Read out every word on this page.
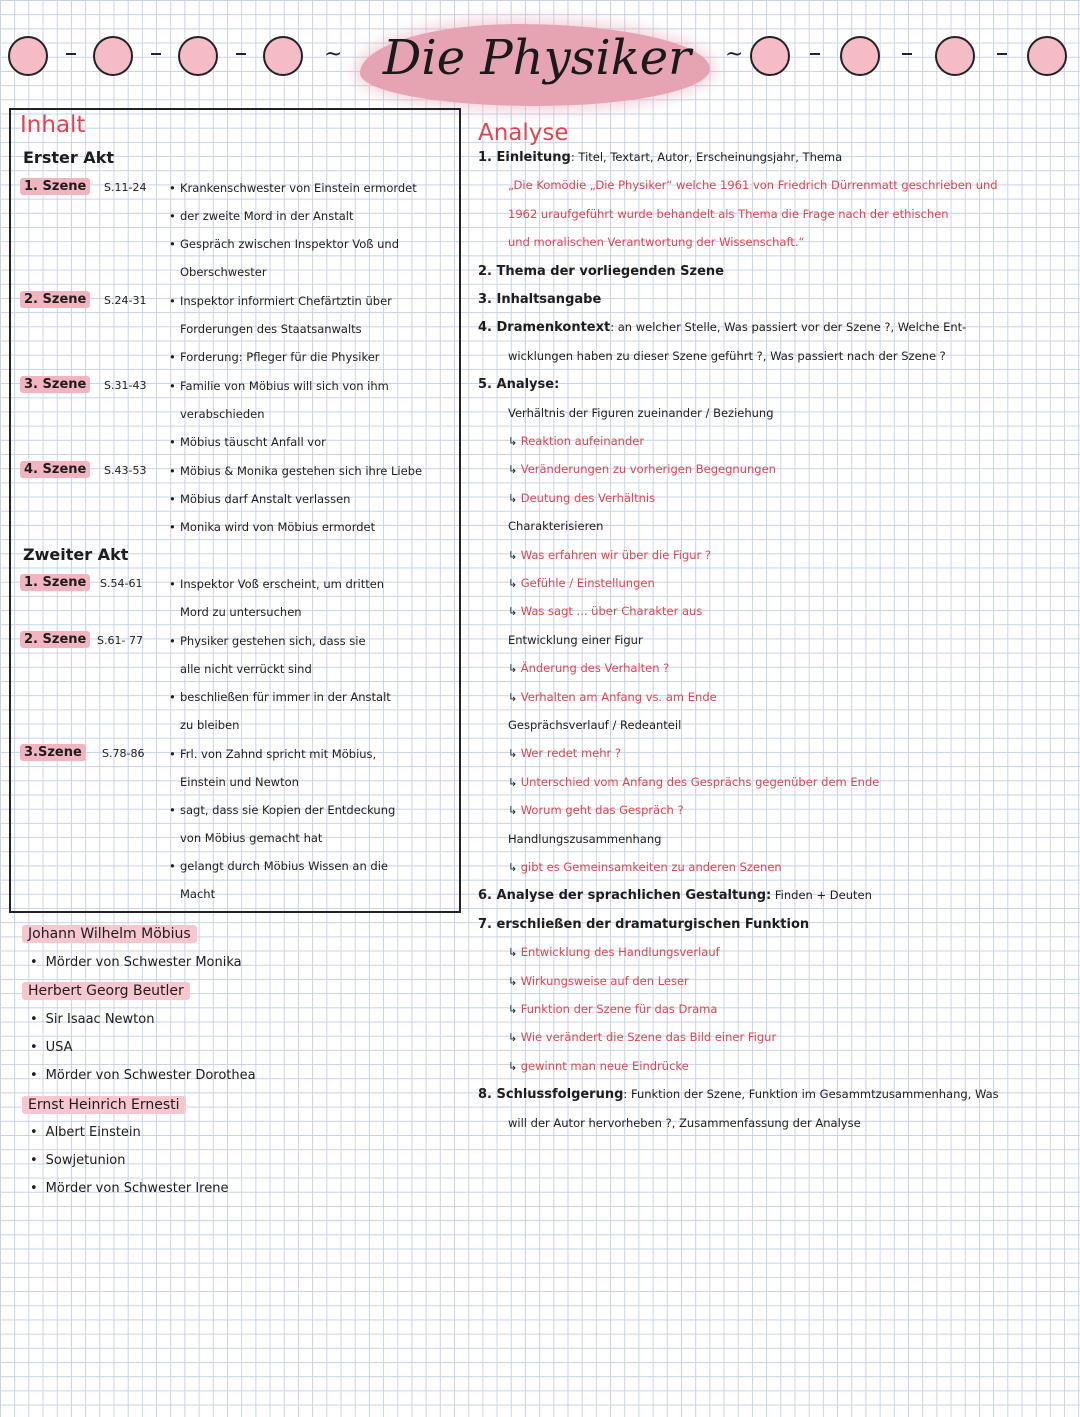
~ Die Physiker	~
Inhalt
Erster Akt
1. Szene	S.11-24	• Krankenschwester von Einstein ermordet
• der zweite Mord in der Anstalt
• Gespräch zwischen Inspektor Voß und
Oberschwester
2. Szene	S.24-31	• Inspektor informiert Chefärtztin über
Forderungen des Staatsanwalts
• Forderung: Pfleger für die Physiker
3. Szene	S.31-43	• Familie von Möbius will sich von ihm
verabschieden
• Möbius täuscht Anfall vor
4. Szene	S.43-53	• Möbius & Monika gestehen sich ihre Liebe
• Möbius darf Anstalt verlassen
• Monika wird von Möbius ermordet
Zweiter Akt
1. Szene	S.54-61	• Inspektor Voß erscheint, um dritten
Mord zu untersuchen
2. Szene S.61- 77	• Physiker gestehen sich, dass sie
alle nicht verrückt sind
• beschließen für immer in der Anstalt
zu bleiben
3.Szene	S.78-86	• Frl. von Zahnd spricht mit Möbius,
Einstein und Newton
• sagt, dass sie Kopien der Entdeckung
von Möbius gemacht hat
• gelangt durch Möbius Wissen an die
Macht
Johann Wilhelm Möbius
• Mörder von Schwester Monika
Herbert Georg Beutler
• Sir Isaac Newton
• USA
• Mörder von Schwester Dorothea
Ernst Heinrich Ernesti
• Albert Einstein
• Sowjetunion
• Mörder von Schwester Irene
Analyse
1. Einleitung: Titel, Textart, Autor, Erscheinungsjahr, Thema
„Die Komödie „Die Physiker“ welche 1961 von Friedrich Dürrenmatt geschrieben und
1962 uraufgeführt wurde behandelt als Thema die Frage nach der ethischen
und moralischen Verantwortung der Wissenschaft.“
2. Thema der vorliegenden Szene
3. Inhaltsangabe
4. Dramenkontext: an welcher Stelle, Was passiert vor der Szene ?, Welche Ent-
wicklungen haben zu dieser Szene geführt ?, Was passiert nach der Szene ?
5. Analyse:
Verhältnis der Figuren zueinander / Beziehung
↳ Reaktion aufeinander
↳ Veränderungen zu vorherigen Begegnungen
↳ Deutung des Verhältnis
Charakterisieren
↳ Was erfahren wir über die Figur ?
↳ Gefühle / Einstellungen
↳ Was sagt ... über Charakter aus
Entwicklung einer Figur
↳ Änderung des Verhalten ?
↳ Verhalten am Anfang vs. am Ende
Gesprächsverlauf / Redeanteil
↳ Wer redet mehr ?
↳ Unterschied vom Anfang des Gesprächs gegenüber dem Ende
↳ Worum geht das Gespräch ?
Handlungszusammenhang
↳ gibt es Gemeinsamkeiten zu anderen Szenen
6. Analyse der sprachlichen Gestaltung: Finden + Deuten
7. erschließen der dramaturgischen Funktion
↳ Entwicklung des Handlungsverlauf
↳ Wirkungsweise auf den Leser
↳ Funktion der Szene für das Drama
↳ Wie verändert die Szene das Bild einer Figur
↳ gewinnt man neue Eindrücke
8. Schlussfolgerung: Funktion der Szene, Funktion im Gesammtzusammenhang, Was
will der Autor hervorheben ?, Zusammenfassung der Analyse
